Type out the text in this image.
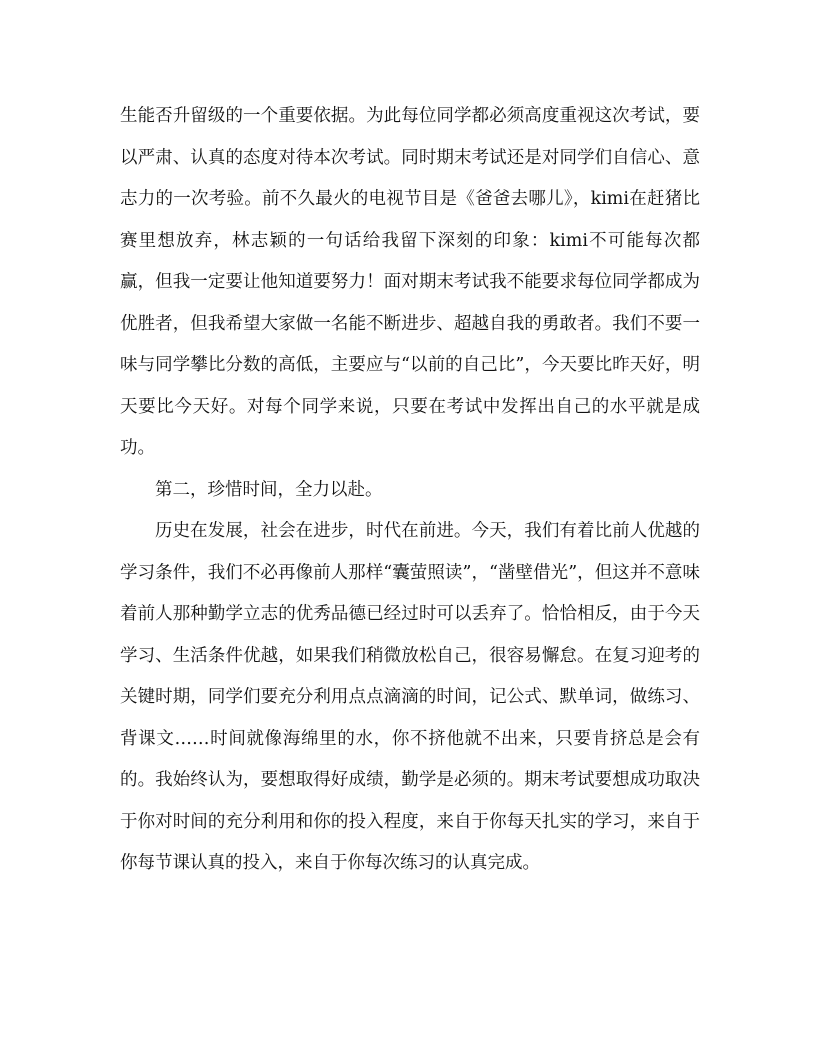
生能否升留级的一个重要依据。为此每位同学都必须高度重视这次考试，要以严肃、认真的态度对待本次考试。同时期末考试还是对同学们自信心、意志力的一次考验。前不久最火的电视节目是《爸爸去哪儿》，kimi在赶猪比赛里想放弃，林志颖的一句话给我留下深刻的印象：kimi不可能每次都赢，但我一定要让他知道要努力！面对期末考试我不能要求每位同学都成为优胜者，但我希望大家做一名能不断进步、超越自我的勇敢者。我们不要一味与同学攀比分数的高低，主要应与“以前的自己比”，今天要比昨天好，明天要比今天好。对每个同学来说，只要在考试中发挥出自己的水平就是成功。

第二，珍惜时间，全力以赴。

历史在发展，社会在进步，时代在前进。今天，我们有着比前人优越的学习条件，我们不必再像前人那样“囊萤照读”，“凿壁借光”，但这并不意味着前人那种勤学立志的优秀品德已经过时可以丢弃了。恰恰相反，由于今天学习、生活条件优越，如果我们稍微放松自己，很容易懈怠。在复习迎考的关键时期，同学们要充分利用点点滴滴的时间，记公式、默单词，做练习、背课文……时间就像海绵里的水，你不挤他就不出来，只要肯挤总是会有的。我始终认为，要想取得好成绩，勤学是必须的。期末考试要想成功取决于你对时间的充分利用和你的投入程度，来自于你每天扎实的学习，来自于你每节课认真的投入，来自于你每次练习的认真完成。
